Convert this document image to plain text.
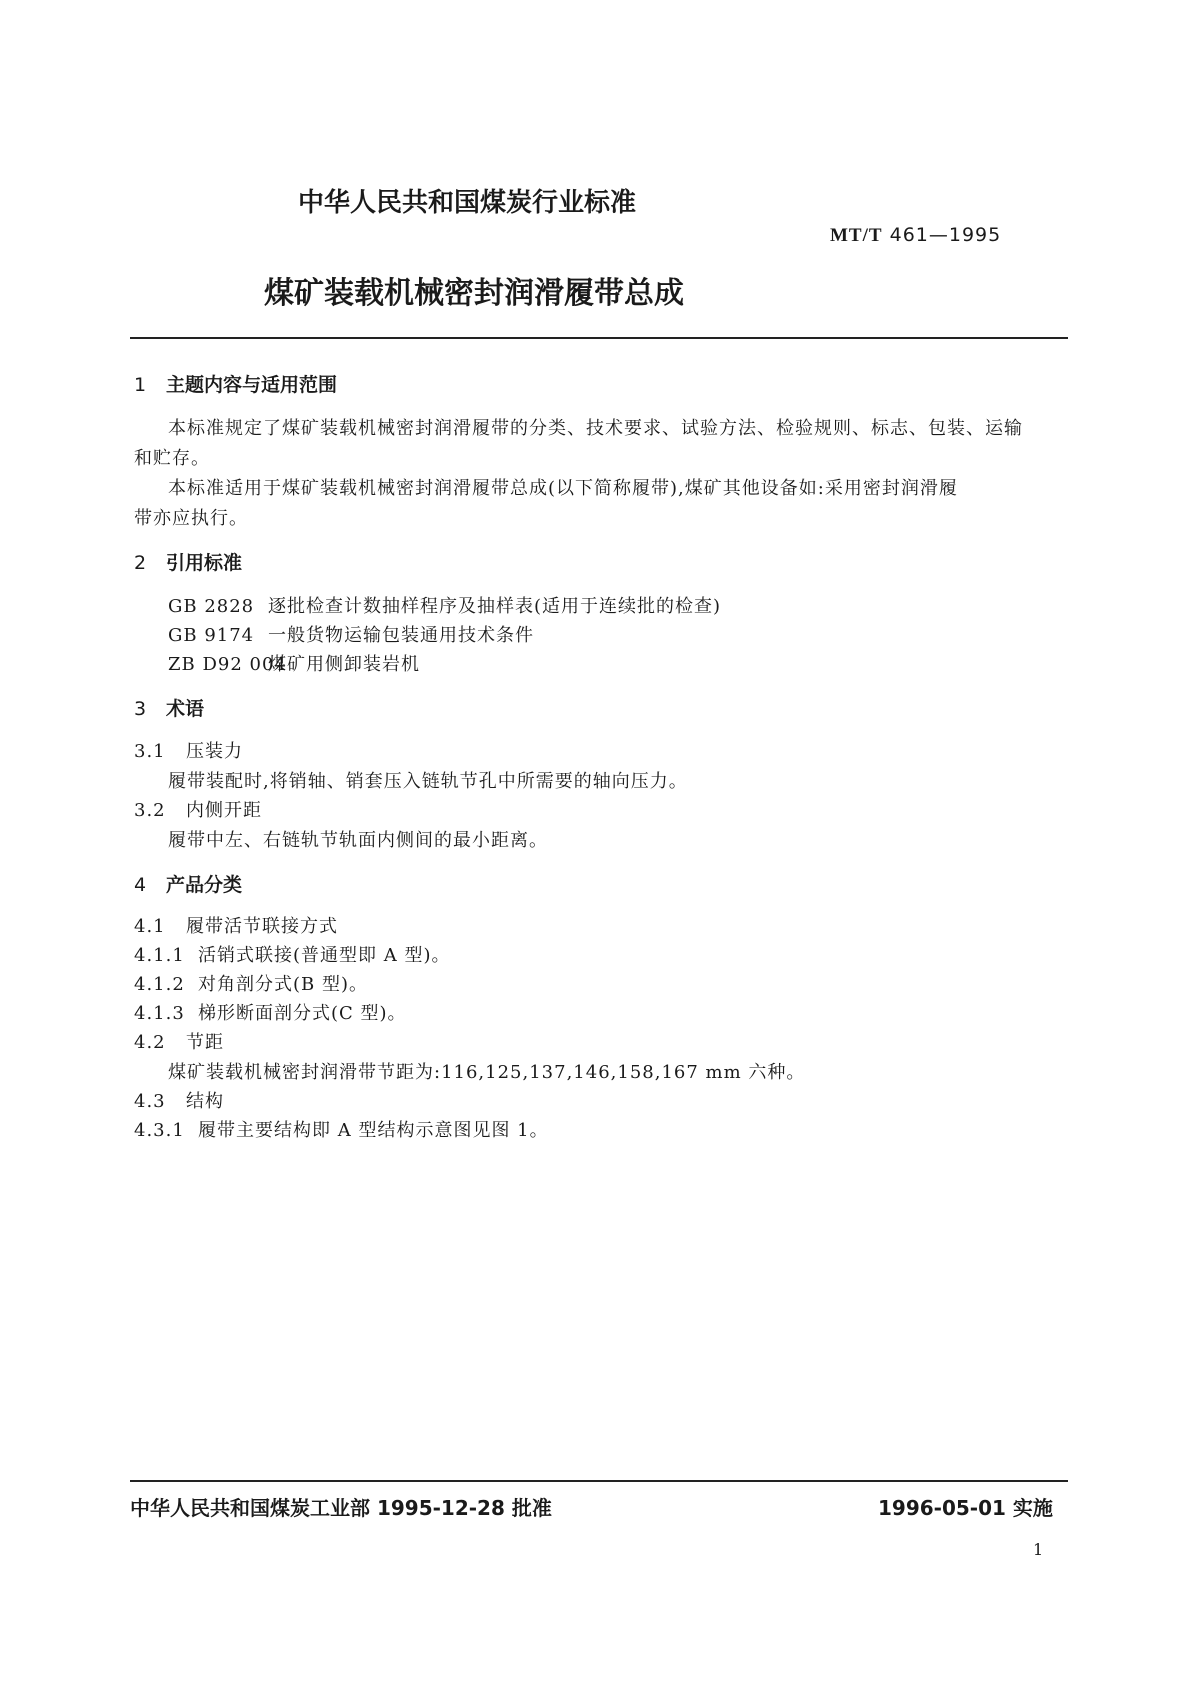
中华人民共和国煤炭行业标准
MT/T 461—1995
煤矿装载机械密封润滑履带总成
1 主题内容与适用范围
本标准规定了煤矿装载机械密封润滑履带的分类、技术要求、试验方法、检验规则、标志、包装、运输
和贮存。
本标准适用于煤矿装载机械密封润滑履带总成(以下简称履带),煤矿其他设备如:采用密封润滑履
带亦应执行。
2 引用标准
GB 2828 逐批检查计数抽样程序及抽样表(适用于连续批的检查)
GB 9174 一般货物运输包装通用技术条件
ZB D92 004煤矿用侧卸装岩机
3 术语
3.1 压装力
履带装配时,将销轴、销套压入链轨节孔中所需要的轴向压力。
3.2 内侧开距
履带中左、右链轨节轨面内侧间的最小距离。
4 产品分类
4.1 履带活节联接方式
4.1.1 活销式联接(普通型即 A 型)。
4.1.2 对角剖分式(B 型)。
4.1.3 梯形断面剖分式(C 型)。
4.2 节距
煤矿装载机械密封润滑带节距为:116,125,137,146,158,167 mm 六种。
4.3 结构
4.3.1 履带主要结构即 A 型结构示意图见图 1。
中华人民共和国煤炭工业部 1995-12-28 批准	1996-05-01 实施
1
